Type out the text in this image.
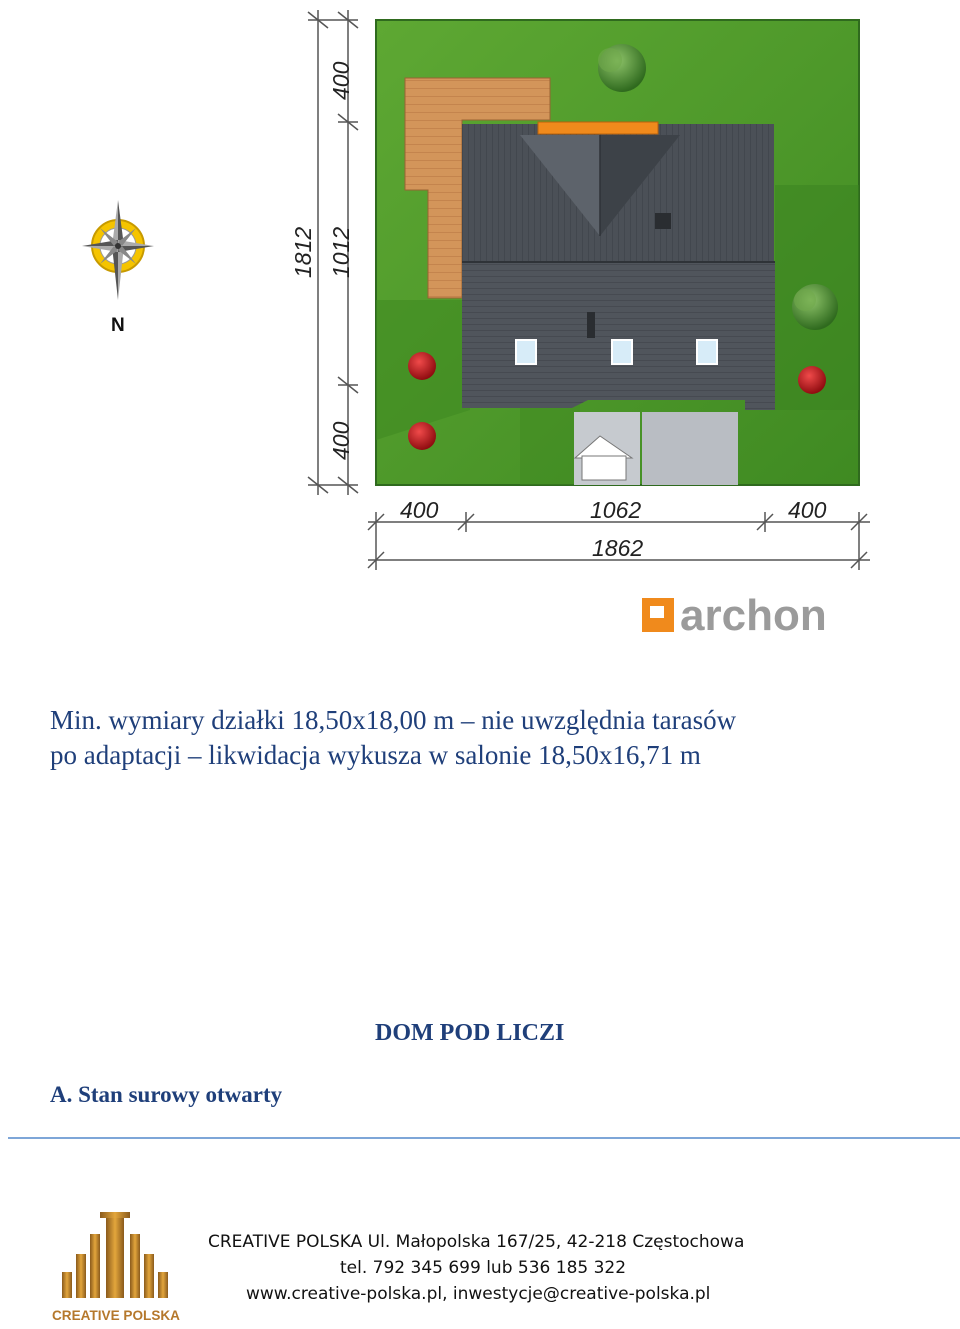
N
400
1012
1812
400
400	1062	400
1862
archon
Min. wymiary działki 18,50x18,00 m – nie uwzględnia tarasów
po adaptacji – likwidacja wykusza w salonie 18,50x16,71 m
DOM POD LICZI
A. Stan surowy otwarty
CREATIVE POLSKA
CREATIVE POLSKA Ul. Małopolska 167/25, 42-218 Częstochowa
tel. 792 345 699 lub 536 185 322
www.creative-polska.pl, inwestycje@creative-polska.pl
